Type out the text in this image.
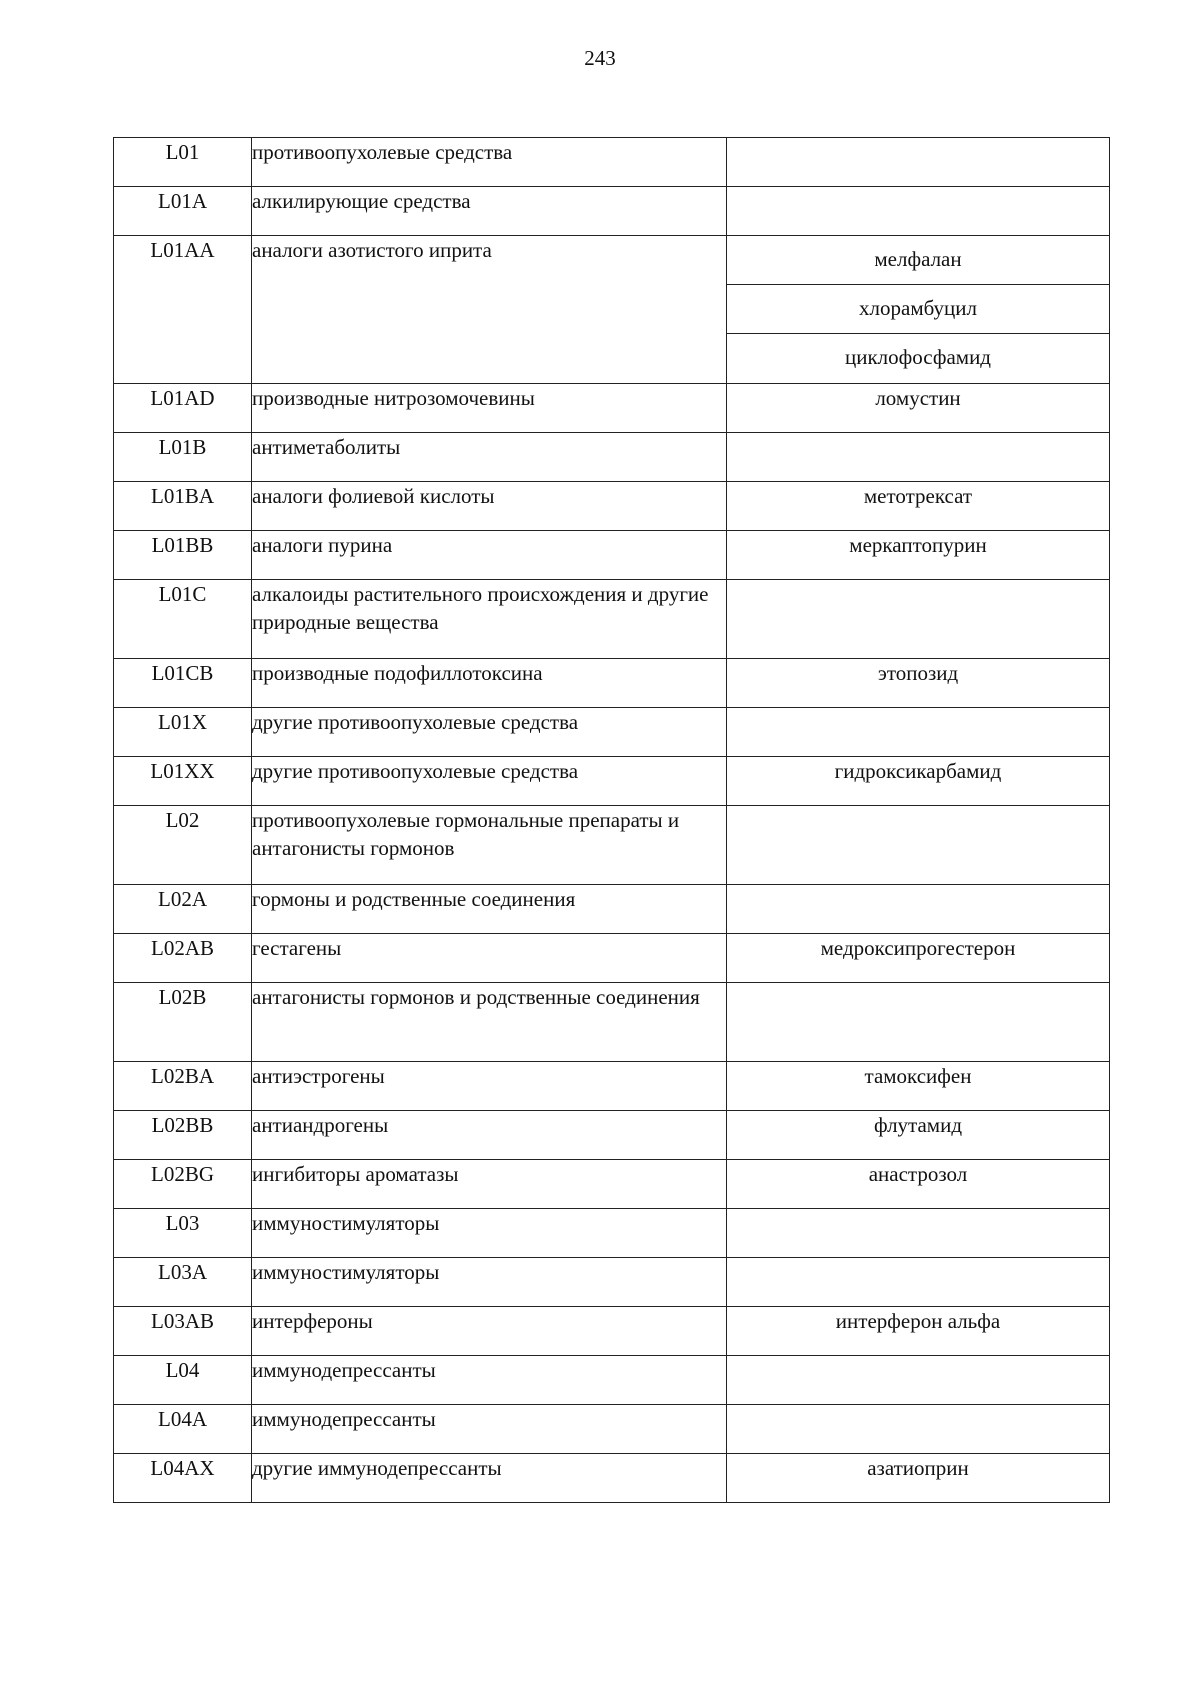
243
L01	противоопухолевые средства	
L01A	алкилирующие средства	
L01AA	аналоги азотистого иприта	мелфалан
хлорамбуцил
циклофосфамид

L01AD	производные нитрозомочевины	ломустин
L01B	антиметаболиты	
L01BA	аналоги фолиевой кислоты	метотрексат
L01BB	аналоги пурина	меркаптопурин
L01C	алкалоиды растительного происхождения и другие природные вещества	
L01CB	производные подофиллотоксина	этопозид
L01X	другие противоопухолевые средства	
L01XX	другие противоопухолевые средства	гидроксикарбамид
L02	противоопухолевые гормональные препараты и антагонисты гормонов	
L02A	гормоны и родственные соединения	
L02AB	гестагены	медроксипрогестерон
L02B	антагонисты гормонов и родственные соединения	
L02BA	антиэстрогены	тамоксифен
L02BB	антиандрогены	флутамид
L02BG	ингибиторы ароматазы	анастрозол
L03	иммуностимуляторы	
L03A	иммуностимуляторы	
L03AB	интерфероны	интерферон альфа
L04	иммунодепрессанты	
L04A	иммунодепрессанты	
L04AX	другие иммунодепрессанты	азатиоприн
